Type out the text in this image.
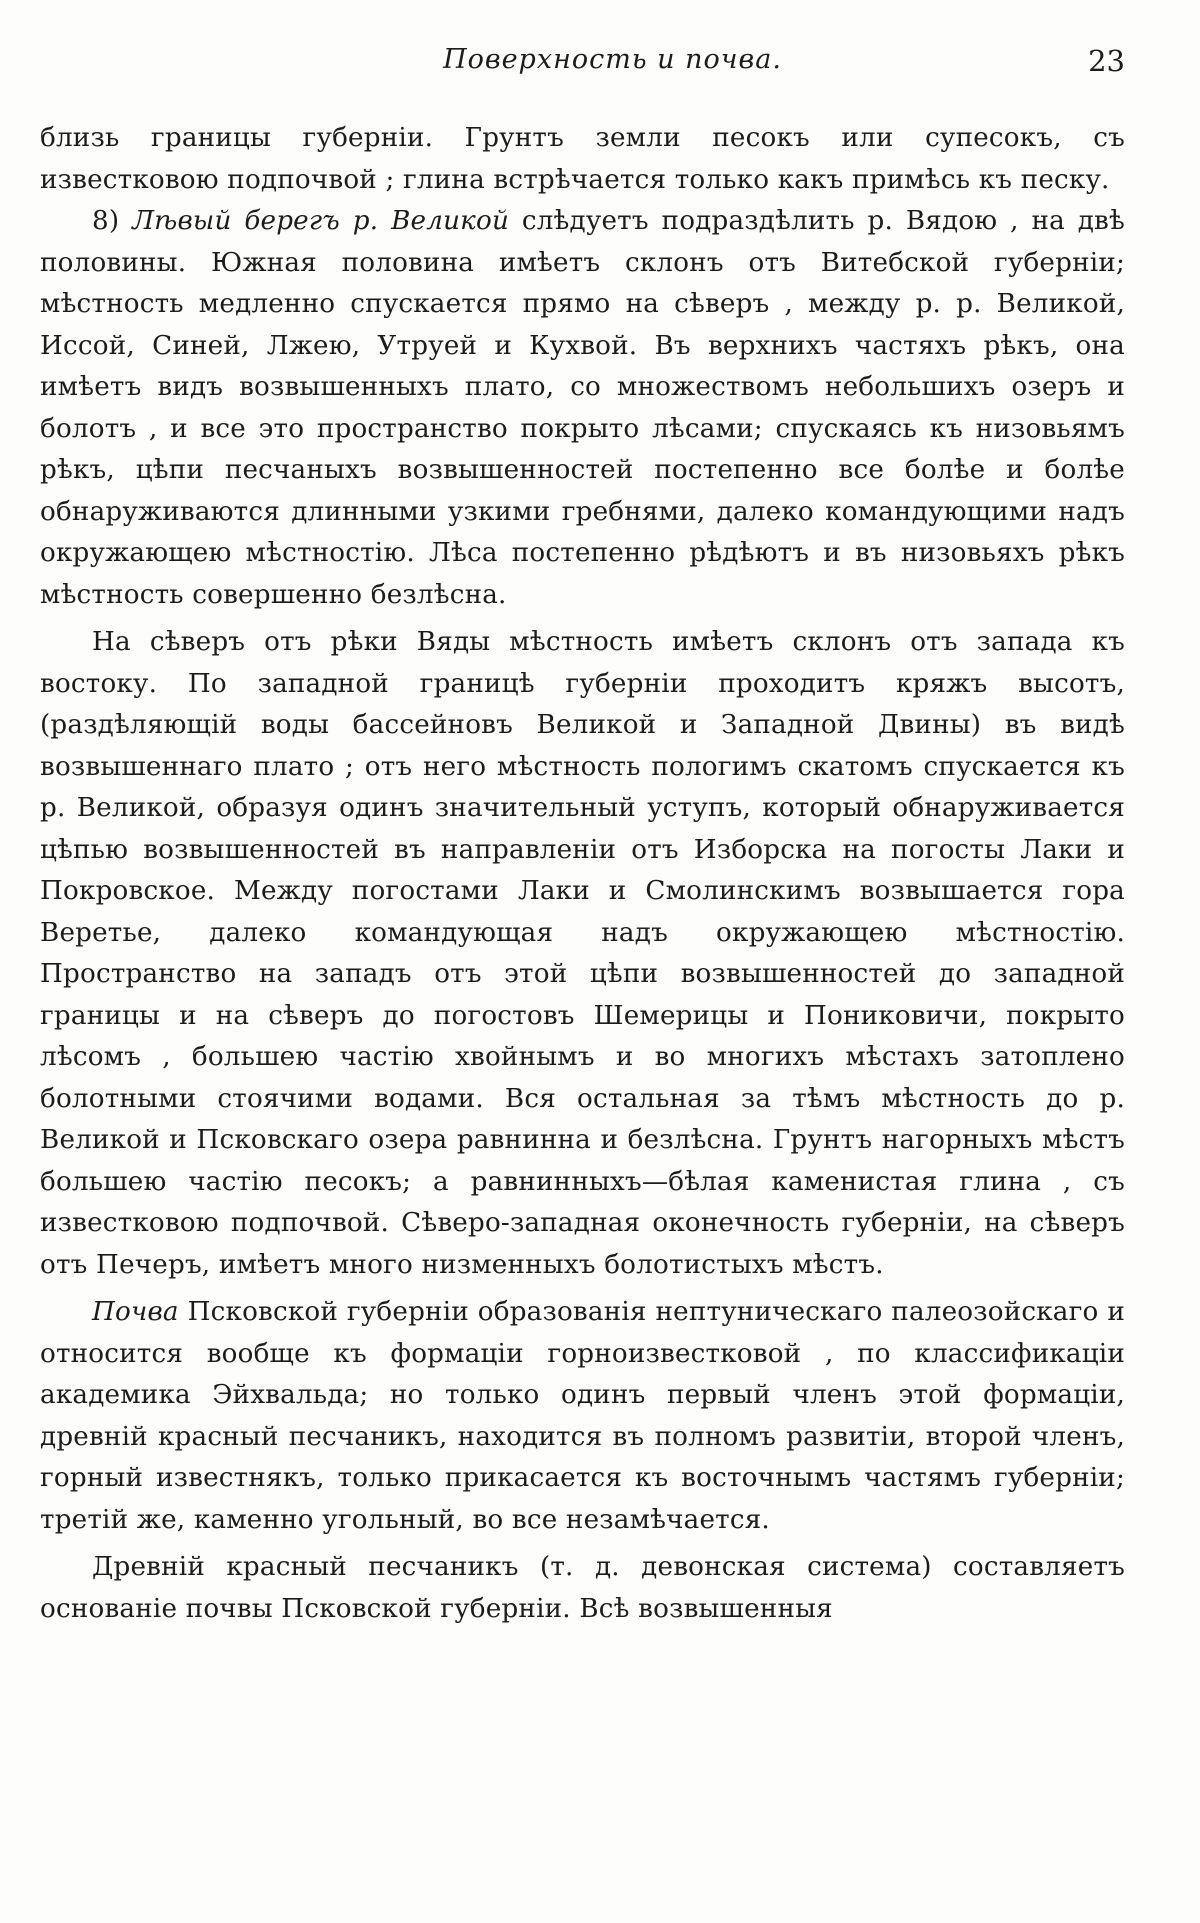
Поверхность и почва.	23

близь границы губерніи. Грунтъ земли песокъ или супесокъ, съ известковою подпочвой ; глина встрѣчается только какъ примѣсь къ песку.

8) Лѣвый берегъ р. Великой слѣдуетъ подраздѣлить р. Вядою , на двѣ половины. Южная половина имѣетъ склонъ отъ Витебской губерніи; мѣстность медленно спускается прямо на сѣверъ , между р. р. Великой, Иссой, Синей, Лжею, Утруей и Кухвой. Въ верхнихъ частяхъ рѣкъ, она имѣетъ видъ возвышенныхъ плато, со множествомъ небольшихъ озеръ и болотъ , и все это пространство покрыто лѣсами; спускаясь къ низовьямъ рѣкъ, цѣпи песчаныхъ возвышенностей постепенно все болѣе и болѣе обнаруживаются длинными узкими гребнями, далеко командующими надъ окружающею мѣстностію. Лѣса постепенно рѣдѣютъ и въ низовьяхъ рѣкъ мѣстность совершенно безлѣсна.

На сѣверъ отъ рѣки Вяды мѣстность имѣетъ склонъ отъ запада къ востоку. По западной границѣ губерніи проходитъ кряжъ высотъ, (раздѣляющій воды бассейновъ Великой и Западной Двины) въ видѣ возвышеннаго плато ; отъ него мѣстность пологимъ скатомъ спускается къ р. Великой, образуя одинъ значительный уступъ, который обнаруживается цѣпью возвышенностей въ направленіи отъ Изборска на погосты Лаки и Покровское. Между погостами Лаки и Смолинскимъ возвышается гора Веретье, далеко командующая надъ окружающею мѣстностію. Пространство на западъ отъ этой цѣпи возвышенностей до западной границы и на сѣверъ до погостовъ Шемерицы и Пониковичи, покрыто лѣсомъ , большею частію хвойнымъ и во многихъ мѣстахъ затоплено болотными стоячими водами. Вся остальная за тѣмъ мѣстность до р. Великой и Псковскаго озера равнинна и безлѣсна. Грунтъ нагорныхъ мѣстъ большею частію песокъ; а равнинныхъ—бѣлая каменистая глина , съ известковою подпочвой. Сѣверо-западная оконечность губерніи, на сѣверъ отъ Печеръ, имѣетъ много низменныхъ болотистыхъ мѣстъ.

Почва Псковской губерніи образованія нептуническаго палеозойскаго и относится вообще къ формаціи горноизвестковой , по классификаціи академика Эйхвальда; но только одинъ первый членъ этой формаціи, древній красный песчаникъ, находится въ полномъ развитіи, второй членъ, горный известнякъ, только прикасается къ восточнымъ частямъ губерніи; третій же, каменно угольный, во все незамѣчается.

Древній красный песчаникъ (т. д. девонская система) составляетъ основаніе почвы Псковской губерніи. Всѣ возвышенныя
